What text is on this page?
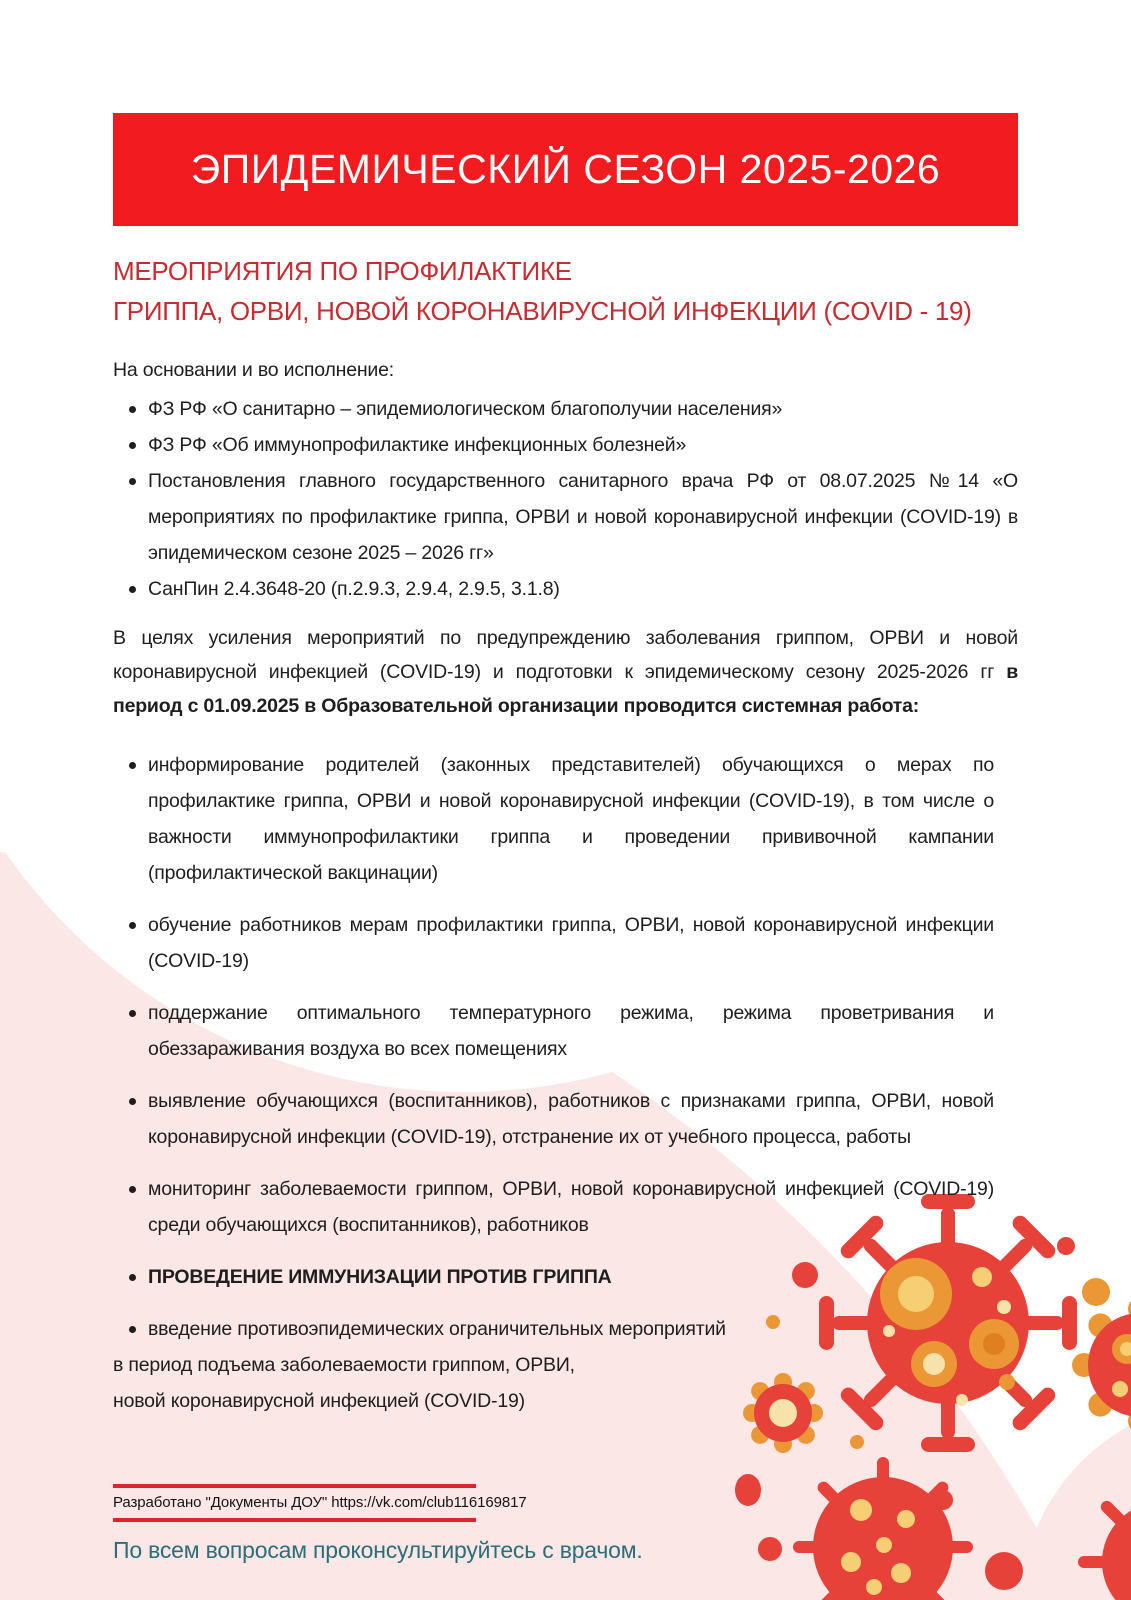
ЭПИДЕМИЧЕСКИЙ СЕЗОН 2025-2026
МЕРОПРИЯТИЯ ПО ПРОФИЛАКТИКЕ
ГРИППА, ОРВИ, НОВОЙ КОРОНАВИРУСНОЙ ИНФЕКЦИИ (COVID - 19)

На основании и во исполнение:

ФЗ РФ «О санитарно – эпидемиологическом благополучии населения»
ФЗ РФ «Об иммунопрофилактике инфекционных болезней»
Постановления главного государственного санитарного врача РФ от 08.07.2025 №14 «О мероприятиях по профилактике гриппа, ОРВИ и новой коронавирусной инфекции (COVID-19) в эпидемическом сезоне 2025 – 2026 гг»
СанПин 2.4.3648-20 (п.2.9.3, 2.9.4, 2.9.5, 3.1.8)

В целях усиления мероприятий по предупреждению заболевания гриппом, ОРВИ и новой коронавирусной инфекцией (COVID-19) и подготовки к эпидемическому сезону 2025-2026 гг в период с 01.09.2025 в Образовательной организации проводится системная работа:

информирование родителей (законных представителей) обучающихся о мерах по профилактике гриппа, ОРВИ и новой коронавирусной инфекции (COVID-19), в том числе о важности иммунопрофилактики гриппа и проведении прививочной кампании (профилактической вакцинации)
обучение работников мерам профилактики гриппа, ОРВИ, новой коронавирусной инфекции (COVID-19)
поддержание оптимального температурного режима, режима проветривания и обеззараживания воздуха во всех помещениях
выявление обучающихся (воспитанников), работников с признаками гриппа, ОРВИ, новой коронавирусной инфекции (COVID-19), отстранение их от учебного процесса, работы
мониторинг заболеваемости гриппом, ОРВИ, новой коронавирусной инфекцией (COVID-19) среди обучающихся (воспитанников), работников
ПРОВЕДЕНИЕ ИММУНИЗАЦИИ ПРОТИВ ГРИППА
введение противоэпидемических ограничительных мероприятий
в период подъема заболеваемости гриппом, ОРВИ,
новой коронавирусной инфекцией (COVID-19)
Разработано "Документы ДОУ" https://vk.com/club116169817
По всем вопросам проконсультируйтесь с врачом.
